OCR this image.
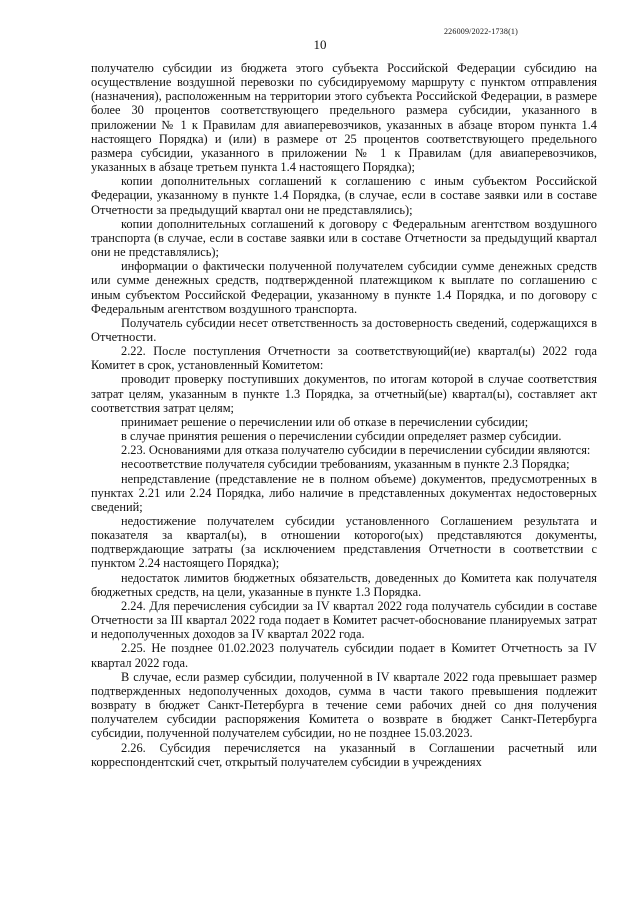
226009/2022-1738(1)
10

получателю субсидии из бюджета этого субъекта Российской Федерации субсидию на осуществление воздушной перевозки по субсидируемому маршруту с пунктом отправления (назначения), расположенным на территории этого субъекта Российской Федерации, в размере более 30 процентов соответствующего предельного размера субсидии, указанного в приложении № 1 к Правилам для авиаперевозчиков, указанных в абзаце втором пункта 1.4 настоящего Порядка) и (или) в размере от 25 процентов соответствующего предельного размера субсидии, указанного в приложении № 1 к Правилам (для авиаперевозчиков, указанных в абзаце третьем пункта 1.4 настоящего Порядка);

копии дополнительных соглашений к соглашению с иным субъектом Российской Федерации, указанному в пункте 1.4 Порядка, (в случае, если в составе заявки или в составе Отчетности за предыдущий квартал они не представлялись);

копии дополнительных соглашений к договору с Федеральным агентством воздушного транспорта (в случае, если в составе заявки или в составе Отчетности за предыдущий квартал они не представлялись);

информации о фактически полученной получателем субсидии сумме денежных средств или сумме денежных средств, подтвержденной платежщиком к выплате по соглашению с иным субъектом Российской Федерации, указанному в пункте 1.4 Порядка, и по договору с Федеральным агентством воздушного транспорта.

Получатель субсидии несет ответственность за достоверность сведений, содержащихся в Отчетности.

2.22. После поступления Отчетности за соответствующий(ие) квартал(ы) 2022 года Комитет в срок, установленный Комитетом:

проводит проверку поступивших документов, по итогам которой в случае соответствия затрат целям, указанным в пункте 1.3 Порядка, за отчетный(ые) квартал(ы), составляет акт соответствия затрат целям;

принимает решение о перечислении или об отказе в перечислении субсидии;

в случае принятия решения о перечислении субсидии определяет размер субсидии.

2.23. Основаниями для отказа получателю субсидии в перечислении субсидии являются:

несоответствие получателя субсидии требованиям, указанным в пункте 2.3 Порядка;

непредставление (представление не в полном объеме) документов, предусмотренных в пунктах 2.21 или 2.24 Порядка, либо наличие в представленных документах недостоверных сведений;

недостижение получателем субсидии установленного Соглашением результата и показателя за квартал(ы), в отношении которого(ых) представляются документы, подтверждающие затраты (за исключением представления Отчетности в соответствии с пунктом 2.24 настоящего Порядка);

недостаток лимитов бюджетных обязательств, доведенных до Комитета как получателя бюджетных средств, на цели, указанные в пункте 1.3 Порядка.

2.24. Для перечисления субсидии за IV квартал 2022 года получатель субсидии в составе Отчетности за III квартал 2022 года подает в Комитет расчет-обоснование планируемых затрат и недополученных доходов за IV квартал 2022 года.

2.25. Не позднее 01.02.2023 получатель субсидии подает в Комитет Отчетность за IV квартал 2022 года.

В случае, если размер субсидии, полученной в IV квартале 2022 года превышает размер подтвержденных недополученных доходов, сумма в части такого превышения подлежит возврату в бюджет Санкт-Петербурга в течение семи рабочих дней со дня получения получателем субсидии распоряжения Комитета о возврате в бюджет Санкт-Петербурга субсидии, полученной получателем субсидии, но не позднее 15.03.2023.

2.26. Субсидия перечисляется на указанный в Соглашении расчетный или корреспондентский счет, открытый получателем субсидии в учреждениях
